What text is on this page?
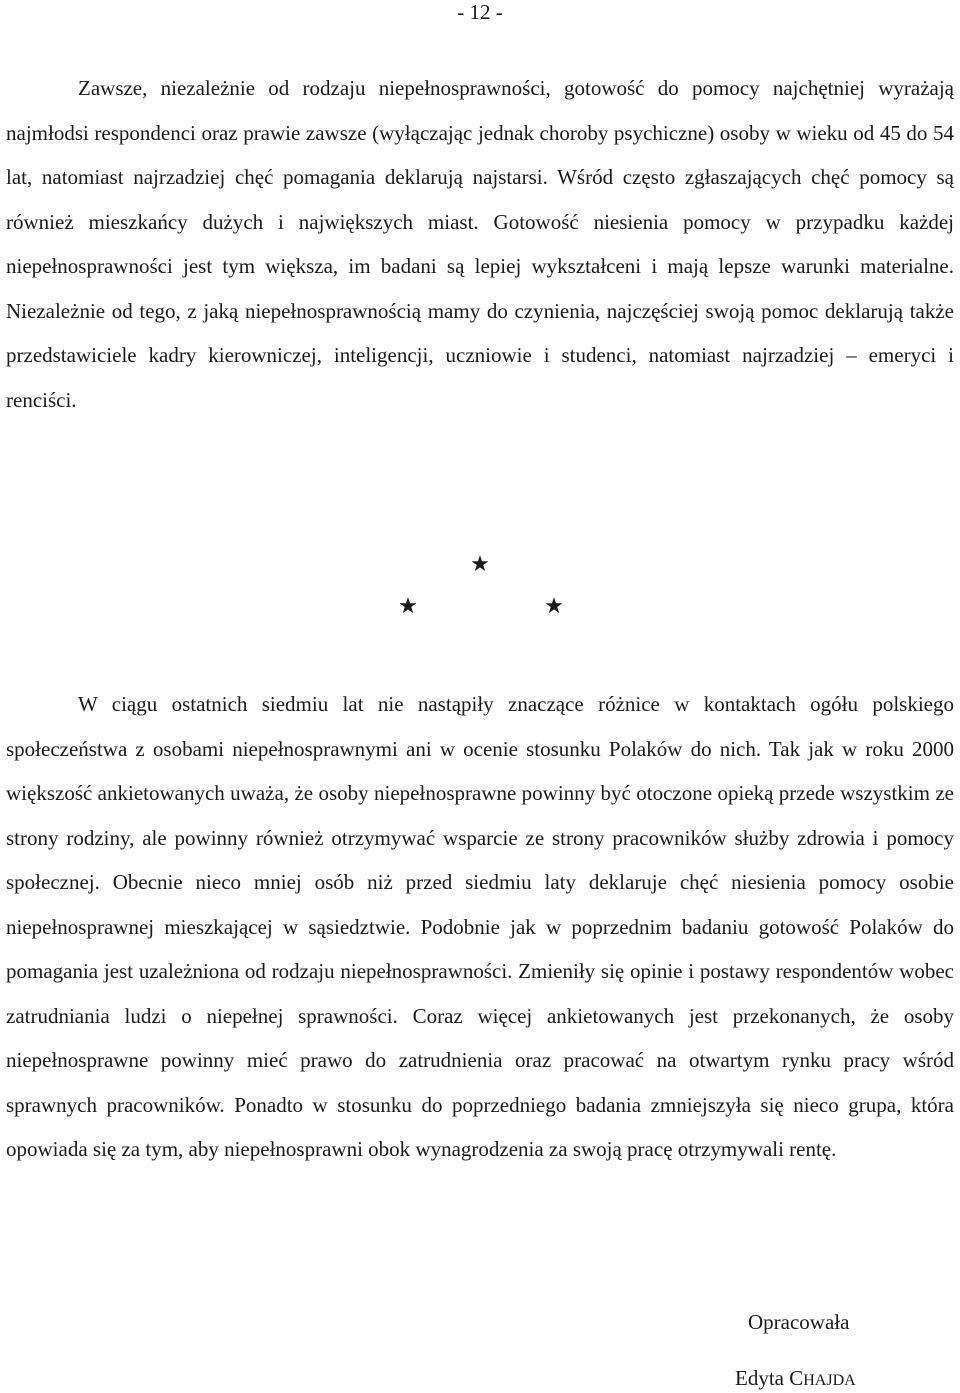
- 12 -

Zawsze, niezależnie od rodzaju niepełnosprawności, gotowość do pomocy najchętniej wyrażają najmłodsi respondenci oraz prawie zawsze (wyłączając jednak choroby psychiczne) osoby w wieku od 45 do 54 lat, natomiast najrzadziej chęć pomagania deklarują najstarsi. Wśród często zgłaszających chęć pomocy są również mieszkańcy dużych i największych miast. Gotowość niesienia pomocy w przypadku każdej niepełnosprawności jest tym większa, im badani są lepiej wykształceni i mają lepsze warunki materialne. Niezależnie od tego, z jaką niepełnosprawnością mamy do czynienia, najczęściej swoją pomoc deklarują także przedstawiciele kadry kierowniczej, inteligencji, uczniowie i studenci, natomiast najrzadziej – emeryci i renciści.

★
★	★

W ciągu ostatnich siedmiu lat nie nastąpiły znaczące różnice w kontaktach ogółu polskiego społeczeństwa z osobami niepełnosprawnymi ani w ocenie stosunku Polaków do nich. Tak jak w roku 2000 większość ankietowanych uważa, że osoby niepełnosprawne powinny być otoczone opieką przede wszystkim ze strony rodziny, ale powinny również otrzymywać wsparcie ze strony pracowników służby zdrowia i pomocy społecznej. Obecnie nieco mniej osób niż przed siedmiu laty deklaruje chęć niesienia pomocy osobie niepełnosprawnej mieszkającej w sąsiedztwie. Podobnie jak w poprzednim badaniu gotowość Polaków do pomagania jest uzależniona od rodzaju niepełnosprawności. Zmieniły się opinie i postawy respondentów wobec zatrudniania ludzi o niepełnej sprawności. Coraz więcej ankietowanych jest przekonanych, że osoby niepełnosprawne powinny mieć prawo do zatrudnienia oraz pracować na otwartym rynku pracy wśród sprawnych pracowników. Ponadto w stosunku do poprzedniego badania zmniejszyła się nieco grupa, która opowiada się za tym, aby niepełnosprawni obok wynagrodzenia za swoją pracę otrzymywali rentę.

Opracowała
Edyta CHAJDA
